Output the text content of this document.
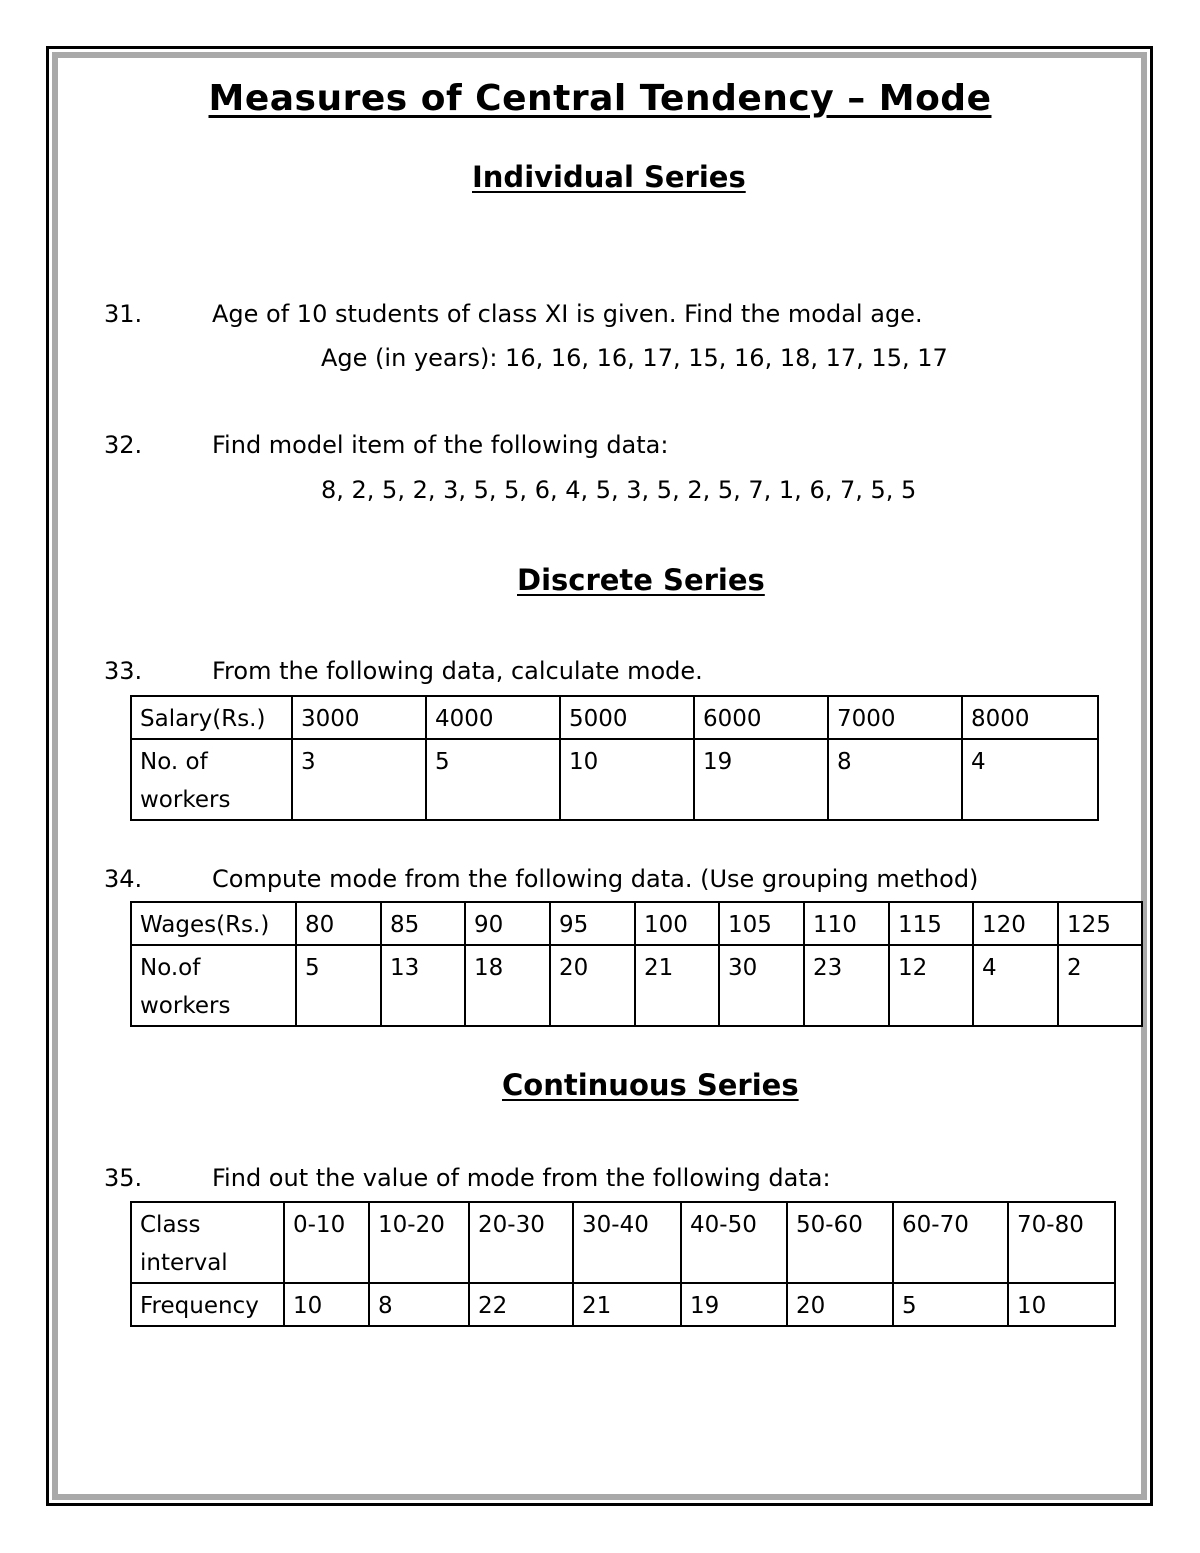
Measures of Central Tendency – Mode
Individual Series
31.	Age of 10 students of class XI is given. Find the modal age.
Age (in years): 16, 16, 16, 17, 15, 16, 18, 17, 15, 17
32.	Find model item of the following data:
8, 2, 5, 2, 3, 5, 5, 6, 4, 5, 3, 5, 2, 5, 7, 1, 6, 7, 5, 5
Discrete Series
33.	From the following data, calculate mode.
Salary(Rs.)	3000	4000	5000	6000	7000	8000
No. of
workers	3	5	10	19	8	4
34.	Compute mode from the following data. (Use grouping method)
Wages(Rs.)	80	85	90	95	100	105	110	115	120	125
No.of
workers	5	13	18	20	21	30	23	12	4	2
Continuous Series
35.	Find out the value of mode from the following data:
Class
interval	0-10	10-20	20-30	30-40	40-50	50-60	60-70	70-80
Frequency	10	8	22	21	19	20	5	10
